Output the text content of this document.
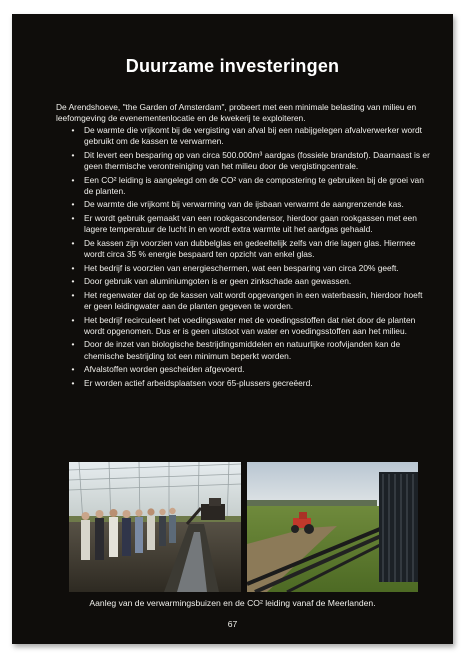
Duurzame investeringen
De Arendshoeve, "the Garden of Amsterdam", probeert met een minimale belasting van milieu en leefomgeving de evenementenlocatie en de kwekerij te exploiteren.
•	De warmte die vrijkomt bij de vergisting van afval bij een nabijgelegen afvalverwerker wordt gebruikt om de kassen te verwarmen.
•	Dit levert een besparing op van circa 500.000m³ aardgas (fossiele brandstof). Daarnaast is er geen thermische verontreiniging van het milieu door de vergistingcentrale.
•	Een CO² leiding is aangelegd om de CO² van de compostering te gebruiken bij de groei van de planten.
•	De warmte die vrijkomt bij verwarming van de ijsbaan verwarmt de aangrenzende kas.
•	Er wordt gebruik gemaakt van een rookgascondensor, hierdoor gaan rookgassen met een lagere temperatuur de lucht in en wordt extra warmte uit het aardgas gehaald.
•	De kassen zijn voorzien van dubbelglas en gedeeltelijk zelfs van drie lagen glas. Hiermee wordt circa 35 % energie bespaard ten opzicht van enkel glas.
•	Het bedrijf is voorzien van energieschermen, wat een besparing van circa 20% geeft.
•	Door gebruik van aluminiumgoten is er geen zinkschade aan gewassen.
•	Het regenwater dat op de kassen valt wordt opgevangen in een waterbassin, hierdoor hoeft er geen leidingwater aan de planten gegeven te worden.
•	Het bedrijf recirculeert het voedingswater met de voedingsstoffen dat niet door de planten wordt opgenomen. Dus er is geen uitstoot van water en voedingsstoffen aan het milieu.
•	Door de inzet van biologische bestrijdingsmiddelen en natuurlijke roofvijanden kan de chemische bestrijding tot een minimum beperkt worden.
•	Afvalstoffen worden gescheiden afgevoerd.
•	Er worden actief arbeidsplaatsen voor 65-plussers gecreëerd.
Aanleg van de verwarmingsbuizen en de CO² leiding vanaf de Meerlanden.
67
